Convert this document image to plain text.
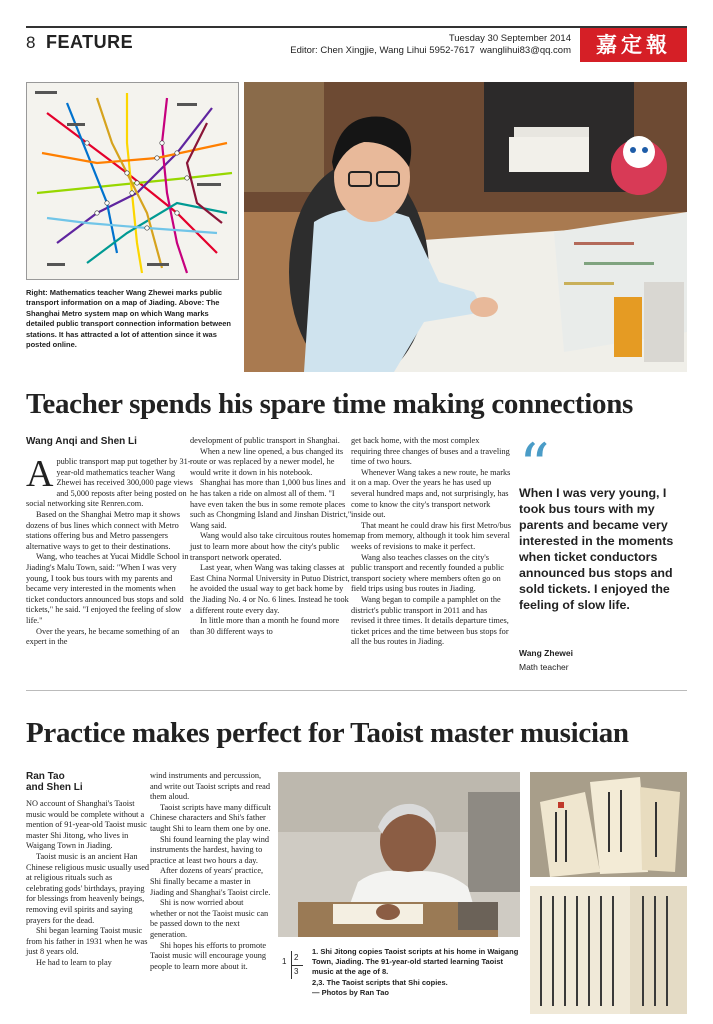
8 FEATURE	Tuesday 30 September 2014
Editor: Chen Xingjie, Wang Lihui 5952-7617 wanglihui83@qq.com	嘉定報
Right: Mathematics teacher Wang Zhewei marks public transport information on a map of Jiading. Above: The Shanghai Metro system map on which Wang marks detailed public transport connection information between stations. It has attracted a lot of attention since it was posted online.
Teacher spends his spare time making connections
Wang Anqi and Shen Li

Apublic transport map put together by 31-year-old mathematics teacher Wang Zhewei has received 300,000 page views and 5,000 reposts after being posted on social networking site Renren.com.

Based on the Shanghai Metro map it shows dozens of bus lines which connect with Metro stations offering bus and Metro passengers alternative ways to get to their destinations.

Wang, who teaches at Yucai Middle School in Jiading's Malu Town, said: "When I was very young, I took bus tours with my parents and became very interested in the moments when ticket conductors announced bus stops and sold tickets," he said. "I enjoyed the feeling of slow life."

Over the years, he became something of an expert in the

development of public transport in Shanghai.

When a new line opened, a bus changed its route or was replaced by a newer model, he would write it down in his notebook.

Shanghai has more than 1,000 bus lines and he has taken a ride on almost all of them. "I have even taken the bus in some remote places such as Chongming Island and Jinshan District," Wang said.

Wang would also take circuitous routes home just to learn more about how the city's public transport network operated.

Last year, when Wang was taking classes at East China Normal University in Putuo District, he avoided the usual way to get back home by the Jiading No. 4 or No. 6 lines. Instead he took a different route every day.

In little more than a month he found more than 30 different ways to

get back home, with the most complex requiring three changes of buses and a traveling time of two hours.

Whenever Wang takes a new route, he marks it on a map. Over the years he has used up several hundred maps and, not surprisingly, has come to know the city's transport network inside out.

That meant he could draw his first Metro/bus map from memory, although it took him several weeks of revisions to make it perfect.

Wang also teaches classes on the city's public transport and recently founded a public transport society where members often go on field trips using bus routes in Jiading.

Wang began to compile a pamphlet on the district's public transport in 2011 and has revised it three times. It details departure times, ticket prices and the time between bus stops for all the bus routes in Jiading.

“
When I was very young, I took bus tours with my parents and became very interested in the moments when ticket conductors announced bus stops and sold tickets. I enjoyed the feeling of slow life.
Wang Zhewei
Math teacher
Practice makes perfect for Taoist master musician
Ran Tao
and Shen Li

NO account of Shanghai's Taoist music would be complete without a mention of 91-year-old Taoist music master Shi Jitong, who lives in Waigang Town in Jiading.

Taoist music is an ancient Han Chinese religious music usually used at religious rituals such as celebrating gods' birthdays, praying for blessings from heavenly beings, removing evil spirits and saying prayers for the dead.

Shi began learning Taoist music from his father in 1931 when he was just 8 years old.

He had to learn to play

wind instruments and percussion, and write out Taoist scripts and read them aloud.

Taoist scripts have many difficult Chinese characters and Shi's father taught Shi to learn them one by one.

Shi found learning the play wind instruments the hardest, having to practice at least two hours a day.

After dozens of years' practice, Shi finally became a master in Jiading and Shanghai's Taoist circle.

Shi is now worried about whether or not the Taoist music can be passed down to the next generation.

Shi hopes his efforts to promote Taoist music will encourage young people to learn more about it.

1 2
3
1. Shi Jitong copies Taoist scripts at his home in Waigang Town, Jiading. The 91-year-old started learning Taoist music at the age of 8.
2,3. The Taoist scripts that Shi copies.
— Photos by Ran Tao
